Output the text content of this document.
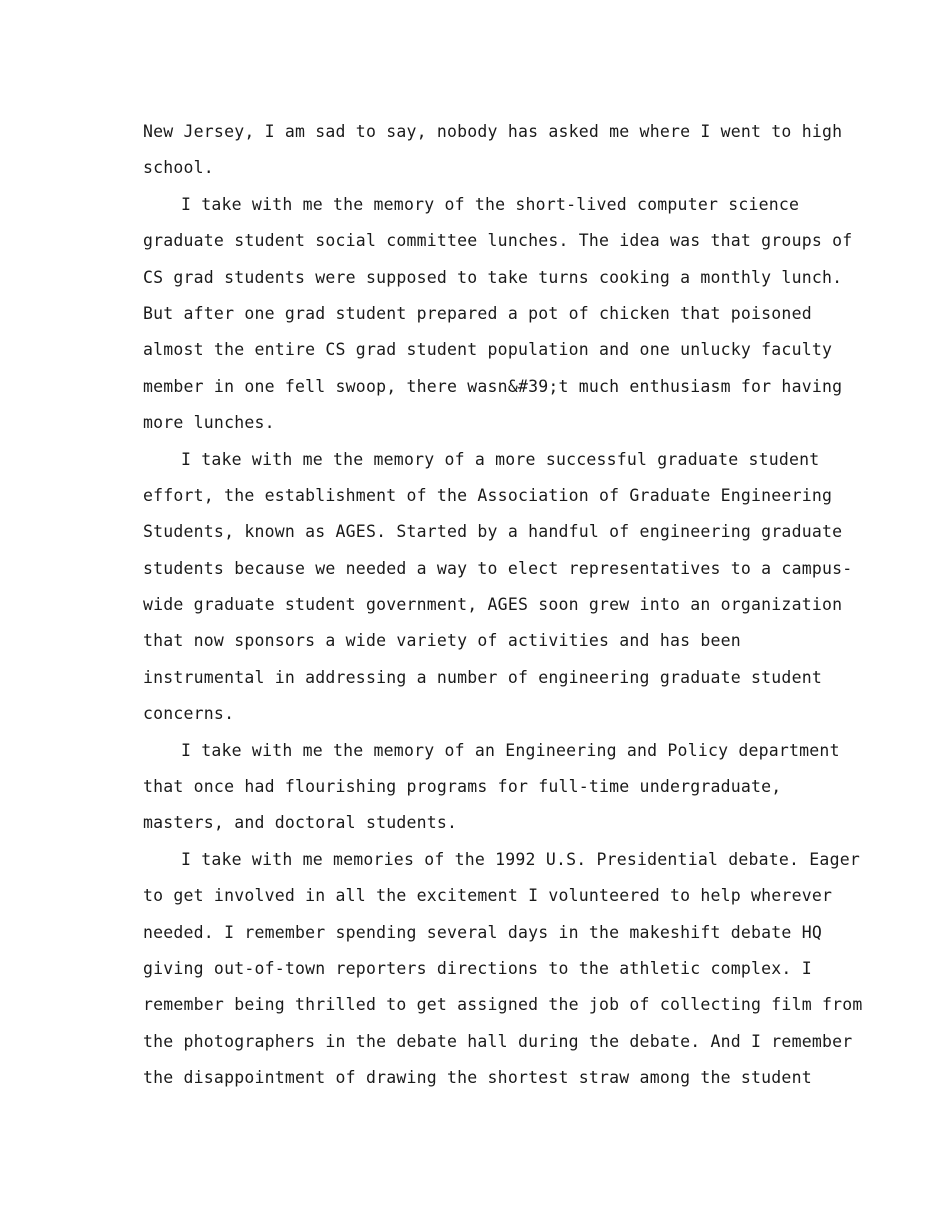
New Jersey, I am sad to say, nobody has asked me where I went to high
school.
I take with me the memory of the short-lived computer science
graduate student social committee lunches. The idea was that groups of
CS grad students were supposed to take turns cooking a monthly lunch.
But after one grad student prepared a pot of chicken that poisoned
almost the entire CS grad student population and one unlucky faculty
member in one fell swoop, there wasn&#39;t much enthusiasm for having
more lunches.
I take with me the memory of a more successful graduate student
effort, the establishment of the Association of Graduate Engineering
Students, known as AGES. Started by a handful of engineering graduate
students because we needed a way to elect representatives to a campus-
wide graduate student government, AGES soon grew into an organization
that now sponsors a wide variety of activities and has been
instrumental in addressing a number of engineering graduate student
concerns.
I take with me the memory of an Engineering and Policy department
that once had flourishing programs for full-time undergraduate,
masters, and doctoral students.
I take with me memories of the 1992 U.S. Presidential debate. Eager
to get involved in all the excitement I volunteered to help wherever
needed. I remember spending several days in the makeshift debate HQ
giving out-of-town reporters directions to the athletic complex. I
remember being thrilled to get assigned the job of collecting film from
the photographers in the debate hall during the debate. And I remember
the disappointment of drawing the shortest straw among the student
